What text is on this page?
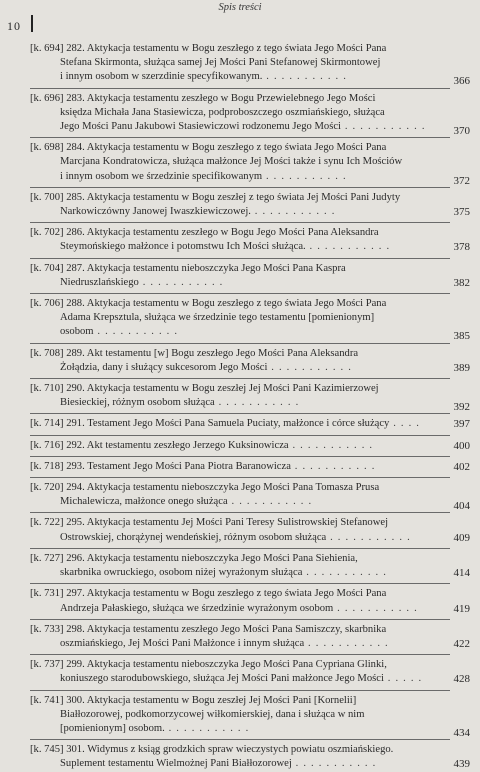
Spis treści
10
[k. 694] 282. Aktykacja testamentu w Bogu zeszłego z tego świata Jego Mości Pana
Stefana Skirmonta, służąca samej Jej Mości Pani Stefanowej Skirmontowej
i innym osobom w szerzdinie specyfikowanym. . . . . . . . . . . .	366
[k. 696] 283. Aktykacja testamentu zeszłego w Bogu Przewielebnego Jego Mości
księdza Michała Jana Stasiewicza, podproboszczego oszmiańskiego, służąca
Jego Mości Panu Jakubowi Stasiewiczowi rodzonemu Jego Mości . . . . . . . . . . .	370
[k. 698] 284. Aktykacja testamentu w Bogu zeszłego z tego świata Jego Mości Pana
Marcjana Kondratowicza, służąca małżonce Jej Mości także i synu Ich Mościów
i innym osobom we śrzedzinie specifikowanym . . . . . . . . . . .	372
[k. 700] 285. Aktykacja testamentu w Bogu zeszłej z tego świata Jej Mości Pani Judyty
Narkowiczówny Janowej Iwaszkiewiczowej. . . . . . . . . . . .	375
[k. 702] 286. Aktykacja testamentu zeszłego w Bogu Jego Mości Pana Aleksandra
Steymońskiego małżonce i potomstwu Ich Mości służąca. . . . . . . . . . . .	378
[k. 704] 287. Aktykacja testamentu nieboszczyka Jego Mości Pana Kaspra
Niedruszlańskiego . . . . . . . . . . .	382
[k. 706] 288. Aktykacja testamentu w Bogu zeszłego z tego świata Jego Mości Pana
Adama Krepsztula, służąca we śrzedzinie tego testamentu [pomienionym]
osobom . . . . . . . . . . .	385
[k. 708] 289. Akt testamentu [w] Bogu zeszłego Jego Mości Pana Aleksandra
Żołądzia, dany i służący sukcesorom Jego Mości . . . . . . . . . . .	389
[k. 710] 290. Aktykacja testamentu w Bogu zeszłej Jej Mości Pani Kazimierzowej
Biesieckiej, różnym osobom służąca . . . . . . . . . . .	392
[k. 714] 291. Testament Jego Mości Pana Samuela Puciaty, małżonce i córce służący . . . .	397
[k. 716] 292. Akt testamentu zeszłego Jerzego Kuksinowicza . . . . . . . . . . .	400
[k. 718] 293. Testament Jego Mości Pana Piotra Baranowicza . . . . . . . . . . .	402
[k. 720] 294. Aktykacja testamentu nieboszczyka Jego Mości Pana Tomasza Prusa
Michalewicza, małżonce onego służąca . . . . . . . . . . .	404
[k. 722] 295. Aktykacja testamentu Jej Mości Pani Teresy Sulistrowskiej Stefanowej
Ostrowskiej, chorążynej wendeńskiej, różnym osobom służąca . . . . . . . . . . .	409
[k. 727] 296. Aktykacja testamentu nieboszczyka Jego Mości Pana Siehienia,
skarbnika owruckiego, osobom niżej wyrażonym służąca . . . . . . . . . . .	414
[k. 731] 297. Aktykacja testamentu w Bogu zeszłego z tego świata Jego Mości Pana
Andrzeja Pałaskiego, służąca we śrzedzinie wyrażonym osobom . . . . . . . . . . .	419
[k. 733] 298. Aktykacja testamentu zeszłego Jego Mości Pana Samiszczy, skarbnika
oszmiańskiego, Jej Mości Pani Małżonce i innym służąca . . . . . . . . . . .	422
[k. 737] 299. Aktykacja testamentu nieboszczyka Jego Mości Pana Cypriana Glinki,
koniuszego starodubowskiego, służąca Jej Mości Pani małżonce Jego Mości . . . . .	428
[k. 741] 300. Aktykacja testamentu w Bogu zeszłej Jej Mości Pani [Kornelii]
Białłozorowej, podkomorzycowej wiłkomierskiej, dana i służąca w nim
[pomienionym] osobom. . . . . . . . . . . .	434
[k. 745] 301. Widymus z ksiąg grodzkich spraw wieczystych powiatu oszmiańskiego.
Suplement testamentu Wielmożnej Pani Białłozorowej . . . . . . . . . . .	439
